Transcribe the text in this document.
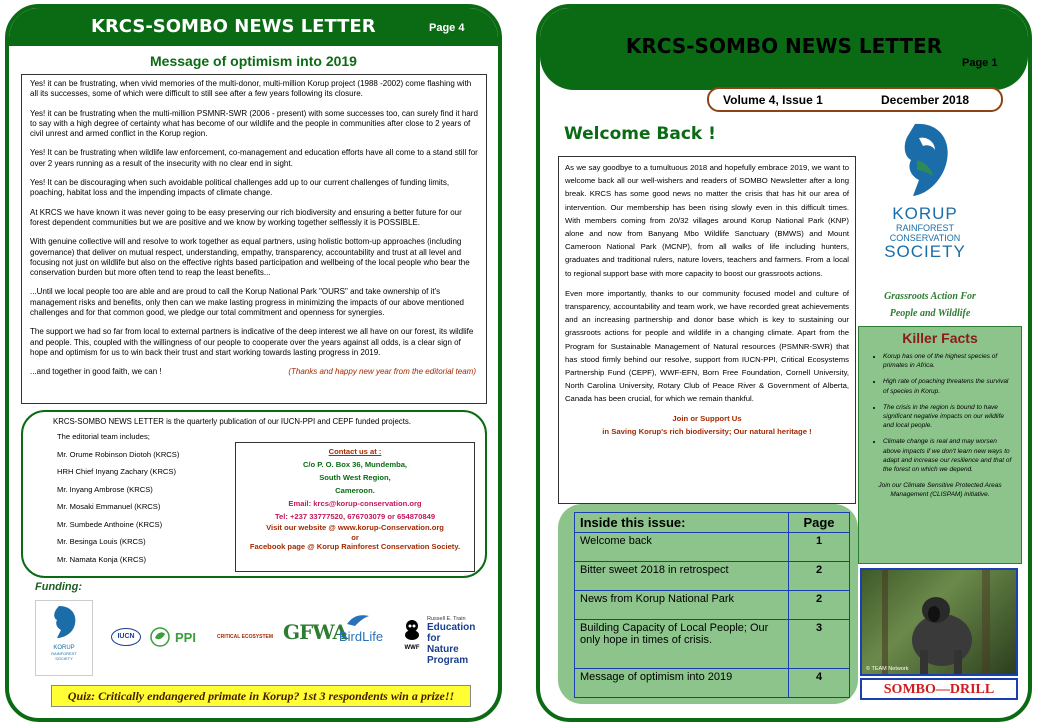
KRCS-SOMBO NEWS LETTER	Page 4
Message of optimism into 2019

Yes! it can be frustrating, when vivid memories of the multi-donor, multi-million Korup project (1988 -2002) come flashing with all its successes, some of which were difficult to still see after a few years following its closure.

Yes! it can be frustrating when the multi-million PSMNR-SWR (2006 - present) with some successes too, can surely find it hard to say with a high degree of certainty what has become of our wildlife and the people in communities after close to 2 years of civil unrest and armed conflict in the Korup region.

Yes! It can be frustrating when wildlife law enforcement, co-management and education efforts have all come to a stand still for over 2 years running as a result of the insecurity with no clear end in sight.

Yes! It can be discouraging when such avoidable political challenges add up to our current challenges of funding limits, poaching, habitat loss and the impending impacts of climate change.

At KRCS we have known it was never going to be easy preserving our rich biodiversity and ensuring a better future for our forest dependent communities but we are positive and we know by working together selflessly it is POSSIBLE.

With genuine collective will and resolve to work together as equal partners, using holistic bottom-up approaches (including governance) that deliver on mutual respect, understanding, empathy, transparency, accountability and trust at all level and focusing not just on wildlife but also on the effective rights based participation and wellbeing of the local people who bear the conservation burden but more often tend to reap the least benefits...

...Until we local people too are able and are proud to call the Korup National Park "OURS" and take ownership of it's management risks and benefits, only then can we make lasting progress in minimizing the impacts of our above mentioned challenges and for that common good, we pledge our total commitment and openness for synergies.

The support we had so far from local to external partners is indicative of the deep interest we all have on our forest, its wildlife and people. This, coupled with the willingness of our people to cooperate over the years against all odds, is a clear sign of hope and optimism for us to win back their trust and start working towards lasting progress in 2019.

...and together in good faith, we can !	(Thanks and happy new year from the editorial team)
KRCS-SOMBO NEWS LETTER is the quarterly publication of our IUCN-PPI and CEPF funded projects.

The editorial team includes;

Mr. Orume Robinson Diotoh (KRCS)

HRH Chief Inyang Zachary (KRCS)

Mr. Inyang Ambrose (KRCS)

Mr. Mosaki Emmanuel (KRCS)

Mr. Sumbede Anthoine (KRCS)

Mr. Besinga Louis (KRCS)

Mr. Namata Konja (KRCS)

Contact us at :

C/o P. O. Box 36, Mundemba,

South West Region,

Cameroon.

Email: krcs@korup-conservation.org

Tel: +237 33777520, 676703079 or 654870849

Visit our website @ www.korup-Conservation.org

or

Facebook page @ Korup Rainforest Conservation Society.

Funding:
KORUP
RAINFOREST
SOCIETY
IUCN	PPI	CRITICAL ECOSYSTEM GFWA
BirdLife
WWF
Russell E. Train
Education for
Nature Program
Quiz: Critically endangered primate in Korup? 1st 3 respondents win a prize!!
KRCS-SOMBO NEWS LETTER
Volume 4, Issue 1	December 2018
Welcome Back !

As we say goodbye to a tumultuous 2018 and hopefully embrace 2019, we want to welcome back all our well-wishers and readers of SOMBO Newsletter after a long break. KRCS has some good news no matter the crisis that has hit our area of intervention. Our membership has been rising slowly even in this difficult times. With members coming from 20/32 villages around Korup National Park (KNP) alone and now from Banyang Mbo Wildlife Sanctuary (BMWS) and Mount Cameroon National Park (MCNP), from all walks of life including hunters, graduates and traditional rulers, nature lovers, teachers and farmers. From a local to regional support base with more capacity to boost our grassroots actions.

Even more importantly, thanks to our community focused model and culture of transparency, accountability and team work, we have recorded great achievements and an increasing partnership and donor base which is key to sustaining our grassroots actions for people and wildlife in a changing climate. Apart from the Program for Sustainable Management of Natural resources (PSMNR-SWR) that has stood firmly behind our resolve, support from IUCN-PPI, Critical Ecosystems Partnership Fund (CEPF), WWF-EFN, Born Free Foundation, Cornell University, North Carolina University, Rotary Club of Peace River & Government of Alberta, Canada has been crucial, for which we remain thankful.

Join or Support Us

in Saving Korup's rich biodiversity; Our natural heritage !

KORUP
RAINFOREST
CONSERVATION
SOCIETY
Grassroots Action For
People and Wildlife
Killer Facts
• Korup has one of the highest species of primates in Africa.
• High rate of poaching threatens the survival of species in Korup.
• The crisis in the region is bound to have significant negative impacts on our wildlife and local people.
• Climate change is real and may worsen above impacts if we don't learn new ways to adapt and increase our resilience and that of the forest on which we depend.
Join our Climate Sensitive Protected Areas Management (CLISPAM) initiative.
Inside this issue:	Page
Welcome back	1
Bitter sweet 2018 in retrospect	2
News from Korup National Park	2
Building Capacity of Local People; Our only hope in times of crisis.	3
Message of optimism into 2019	4
© TEAM Network
SOMBO—DRILL
Page 1
